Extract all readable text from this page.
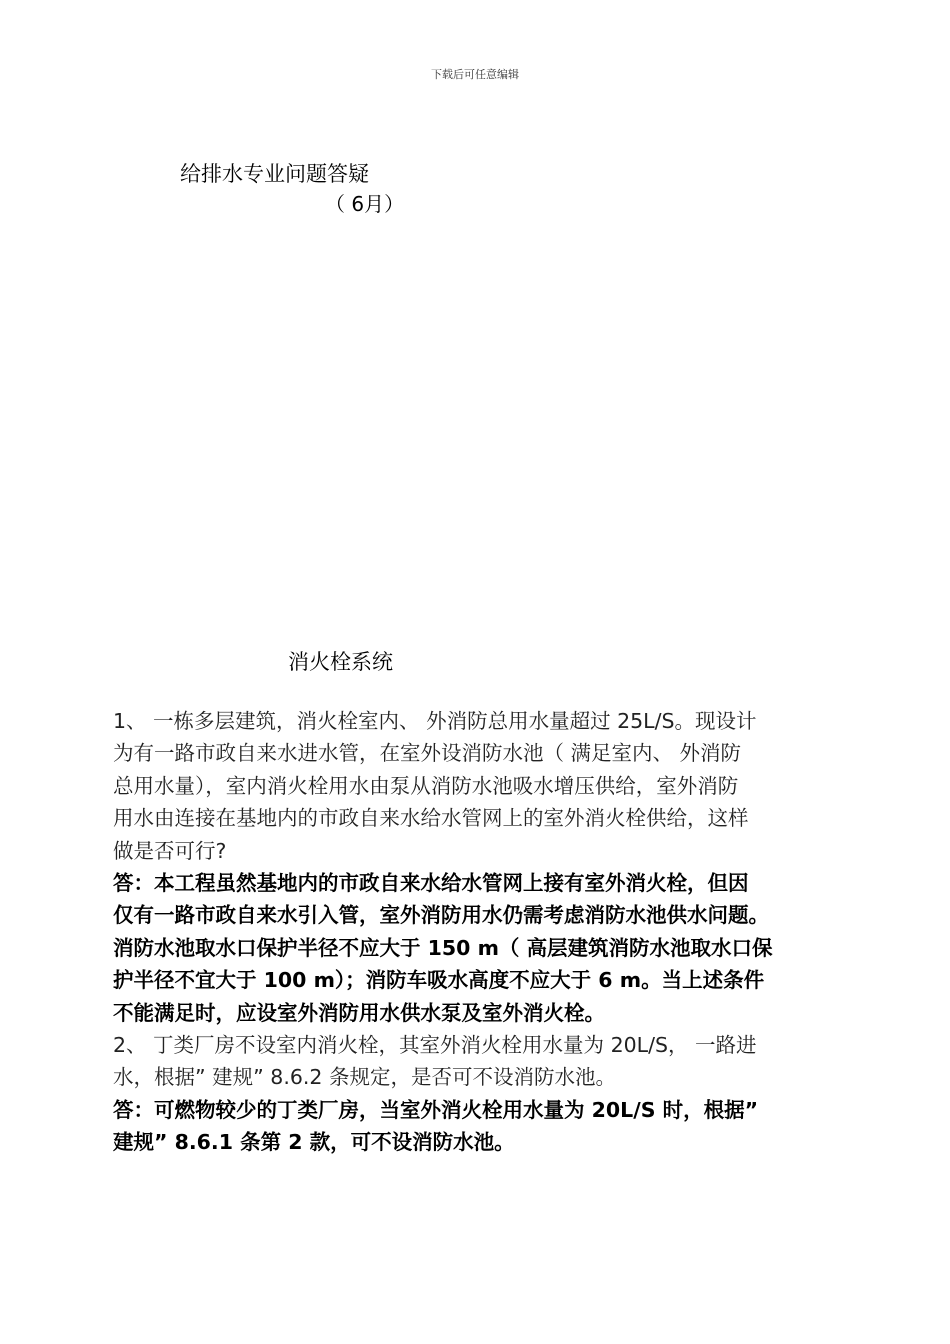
下载后可任意编辑
给排水专业问题答疑
（ 6月）
消火栓系统
1、 一栋多层建筑，消火栓室内、 外消防总用水量超过 25L/S。现设计
为有一路市政自来水进水管，在室外设消防水池（ 满足室内、 外消防
总用水量），室内消火栓用水由泵从消防水池吸水增压供给，室外消防
用水由连接在基地内的市政自来水给水管网上的室外消火栓供给，这样
做是否可行?
答：本工程虽然基地内的市政自来水给水管网上接有室外消火栓，但因
仅有一路市政自来水引入管，室外消防用水仍需考虑消防水池供水问题。
消防水池取水口保护半径不应大于 150 m（ 高层建筑消防水池取水口保
护半径不宜大于 100 m）；消防车吸水高度不应大于 6 m。当上述条件
不能满足时，应设室外消防用水供水泵及室外消火栓。
2、 丁类厂房不设室内消火栓，其室外消火栓用水量为 20L/S， 一路进
水，根据” 建规” 8.6.2 条规定，是否可不设消防水池。
答：可燃物较少的丁类厂房，当室外消火栓用水量为 20L/S 时，根据”
建规” 8.6.1 条第 2 款，可不设消防水池。
